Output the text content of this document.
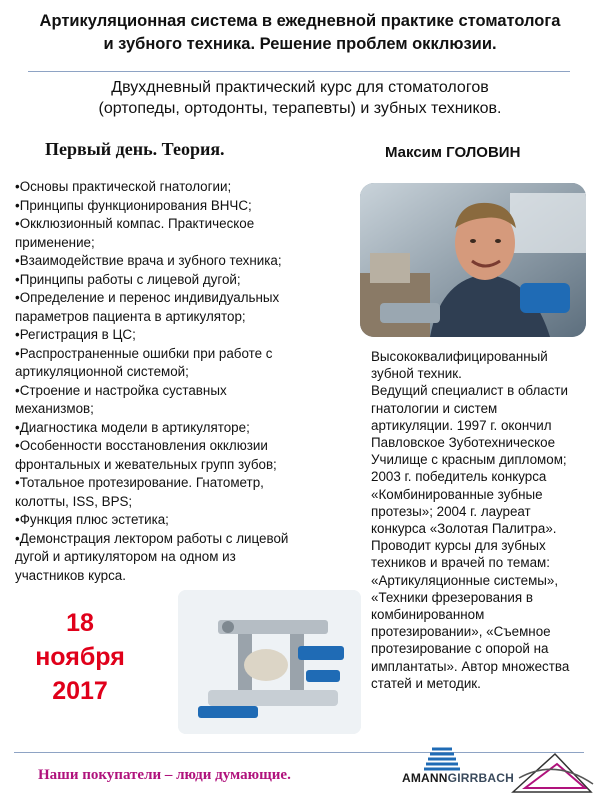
Артикуляционная система в ежедневной практике стоматолога
и зубного техника. Решение проблем окклюзии.
Двухдневный практический курс для стоматологов
(ортопеды, ортодонты, терапевты) и зубных техников.
Первый день. Теория.	Максим ГОЛОВИН
•Основы практической гнатологии;
•Принципы функционирования ВНЧС;
•Окклюзионный компас. Практическое
применение;
•Взаимодействие врача и зубного техника;
•Принципы работы с лицевой дугой;
•Определение и перенос индивидуальных
параметров пациента в артикулятор;
•Регистрация в ЦС;
•Распространенные ошибки при работе с
артикуляционной системой;
•Строение и настройка суставных
механизмов;
•Диагностика модели в артикуляторе;
•Особенности восстановления окклюзии
фронтальных и жевательных групп зубов;
•Тотальное протезирование. Гнатометр,
колотты, ISS, BPS;
•Функция плюс эстетика;
•Демонстрация лектором работы с лицевой
дугой и артикулятором на одном из
участников курса.
Высококвалифицированный
зубной техник.
Ведущий специалист в области
гнатологии и систем
артикуляции. 1997 г. окончил
Павловское Зуботехническое
Училище с красным дипломом;
2003 г. победитель конкурса
«Комбинированные зубные
протезы»; 2004 г. лауреат
конкурса «Золотая Палитра».
Проводит курсы для зубных
техников и врачей по темам:
«Артикуляционные системы»,
«Техники фрезерования в
комбинированном
протезировании», «Съемное
протезирование с опорой на
имплантаты». Автор множества
статей и методик.
18
ноября
2017
Наши покупатели – люди думающие.	AMANNGIRRBACH
